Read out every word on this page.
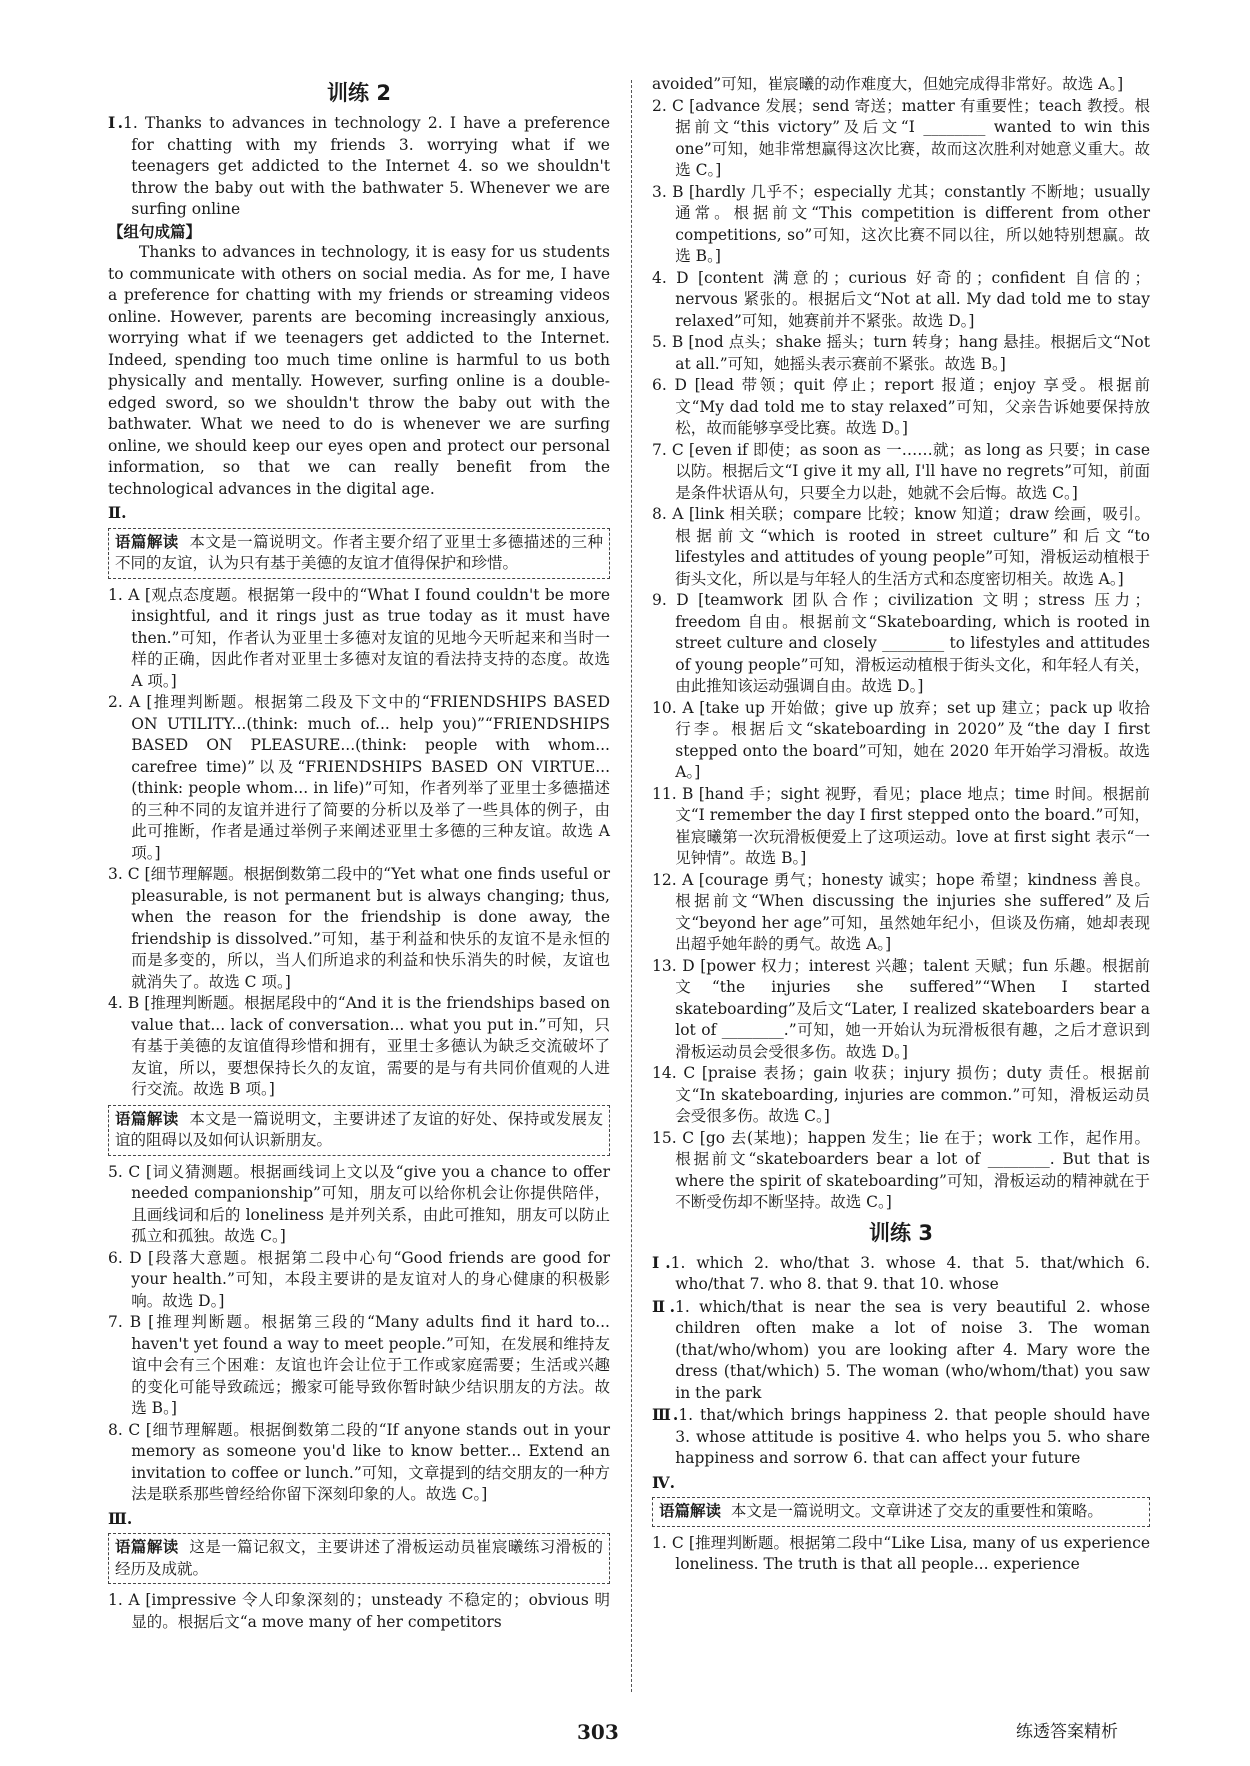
训练 2

Ⅰ.1. Thanks to advances in technology 2. I have a preference for chatting with my friends 3. worrying what if we teenagers get addicted to the Internet 4. so we shouldn't throw the baby out with the bathwater 5. Whenever we are surfing online

【组句成篇】

Thanks to advances in technology, it is easy for us students to communicate with others on social media. As for me, I have a preference for chatting with my friends or streaming videos online. However, parents are becoming increasingly anxious, worrying what if we teenagers get addicted to the Internet. Indeed, spending too much time online is harmful to us both physically and mentally. However, surfing online is a double-edged sword, so we shouldn't throw the baby out with the bathwater. What we need to do is whenever we are surfing online, we should keep our eyes open and protect our personal information, so that we can really benefit from the technological advances in the digital age.

Ⅱ.
语篇解读 本文是一篇说明文。作者主要介绍了亚里士多德描述的三种不同的友谊，认为只有基于美德的友谊才值得保护和珍惜。

1. A [观点态度题。根据第一段中的“What I found couldn't be more insightful, and it rings just as true today as it must have then.”可知，作者认为亚里士多德对友谊的见地今天听起来和当时一样的正确，因此作者对亚里士多德对友谊的看法持支持的态度。故选 A 项。]

2. A [推理判断题。根据第二段及下文中的“FRIENDSHIPS BASED ON UTILITY...(think: much of... help you)”“FRIENDSHIPS BASED ON PLEASURE...(think: people with whom... carefree time)”以及“FRIENDSHIPS BASED ON VIRTUE...(think: people whom... in life)”可知，作者列举了亚里士多德描述的三种不同的友谊并进行了简要的分析以及举了一些具体的例子，由此可推断，作者是通过举例子来阐述亚里士多德的三种友谊。故选 A 项。]

3. C [细节理解题。根据倒数第二段中的“Yet what one finds useful or pleasurable, is not permanent but is always changing; thus, when the reason for the friendship is done away, the friendship is dissolved.”可知，基于利益和快乐的友谊不是永恒的而是多变的，所以，当人们所追求的利益和快乐消失的时候，友谊也就消失了。故选 C 项。]

4. B [推理判断题。根据尾段中的“And it is the friendships based on value that... lack of conversation... what you put in.”可知，只有基于美德的友谊值得珍惜和拥有，亚里士多德认为缺乏交流破坏了友谊，所以，要想保持长久的友谊，需要的是与有共同价值观的人进行交流。故选 B 项。]

语篇解读 本文是一篇说明文，主要讲述了友谊的好处、保持或发展友谊的阻碍以及如何认识新朋友。

5. C [词义猜测题。根据画线词上文以及“give you a chance to offer needed companionship”可知，朋友可以给你机会让你提供陪伴，且画线词和后的 loneliness 是并列关系，由此可推知，朋友可以防止孤立和孤独。故选 C。]

6. D [段落大意题。根据第二段中心句“Good friends are good for your health.”可知，本段主要讲的是友谊对人的身心健康的积极影响。故选 D。]

7. B [推理判断题。根据第三段的“Many adults find it hard to... haven't yet found a way to meet people.”可知，在发展和维持友谊中会有三个困难：友谊也许会让位于工作或家庭需要；生活或兴趣的变化可能导致疏远；搬家可能导致你暂时缺少结识朋友的方法。故选 B。]

8. C [细节理解题。根据倒数第二段的“If anyone stands out in your memory as someone you'd like to know better... Extend an invitation to coffee or lunch.”可知，文章提到的结交朋友的一种方法是联系那些曾经给你留下深刻印象的人。故选 C。]

Ⅲ.
语篇解读 这是一篇记叙文，主要讲述了滑板运动员崔宸曦练习滑板的经历及成就。

1. A [impressive 令人印象深刻的；unsteady 不稳定的；obvious 明显的。根据后文“a move many of her competitors

avoided”可知，崔宸曦的动作难度大，但她完成得非常好。故选 A。]

2. C [advance 发展；send 寄送；matter 有重要性；teach 教授。根据前文“this victory”及后文“I ________ wanted to win this one”可知，她非常想赢得这次比赛，故而这次胜利对她意义重大。故选 C。]

3. B [hardly 几乎不；especially 尤其；constantly 不断地；usually 通常。根据前文“This competition is different from other competitions, so”可知，这次比赛不同以往，所以她特别想赢。故选 B。]

4. D [content 满意的；curious 好奇的；confident 自信的；nervous 紧张的。根据后文“Not at all. My dad told me to stay relaxed”可知，她赛前并不紧张。故选 D。]

5. B [nod 点头；shake 摇头；turn 转身；hang 悬挂。根据后文“Not at all.”可知，她摇头表示赛前不紧张。故选 B。]

6. D [lead 带领；quit 停止；report 报道；enjoy 享受。根据前文“My dad told me to stay relaxed”可知，父亲告诉她要保持放松，故而能够享受比赛。故选 D。]

7. C [even if 即使；as soon as 一……就；as long as 只要；in case 以防。根据后文“I give it my all, I'll have no regrets”可知，前面是条件状语从句，只要全力以赴，她就不会后悔。故选 C。]

8. A [link 相关联；compare 比较；know 知道；draw 绘画，吸引。根据前文“which is rooted in street culture”和后文“to lifestyles and attitudes of young people”可知，滑板运动植根于街头文化，所以是与年轻人的生活方式和态度密切相关。故选 A。]

9. D [teamwork 团队合作；civilization 文明；stress 压力；freedom 自由。根据前文“Skateboarding, which is rooted in street culture and closely ________ to lifestyles and attitudes of young people”可知，滑板运动植根于街头文化，和年轻人有关，由此推知该运动强调自由。故选 D。]

10. A [take up 开始做；give up 放弃；set up 建立；pack up 收拾行李。根据后文“skateboarding in 2020”及“the day I first stepped onto the board”可知，她在 2020 年开始学习滑板。故选 A。]

11. B [hand 手；sight 视野，看见；place 地点；time 时间。根据前文“I remember the day I first stepped onto the board.”可知，崔宸曦第一次玩滑板便爱上了这项运动。love at first sight 表示“一见钟情”。故选 B。]

12. A [courage 勇气；honesty 诚实；hope 希望；kindness 善良。根据前文“When discussing the injuries she suffered”及后文“beyond her age”可知，虽然她年纪小，但谈及伤痛，她却表现出超乎她年龄的勇气。故选 A。]

13. D [power 权力；interest 兴趣；talent 天赋；fun 乐趣。根据前文“the injuries she suffered”“When I started skateboarding”及后文“Later, I realized skateboarders bear a lot of ________.”可知，她一开始认为玩滑板很有趣，之后才意识到滑板运动员会受很多伤。故选 D。]

14. C [praise 表扬；gain 收获；injury 损伤；duty 责任。根据前文“In skateboarding, injuries are common.”可知，滑板运动员会受很多伤。故选 C。]

15. C [go 去(某地)；happen 发生；lie 在于；work 工作，起作用。根据前文“skateboarders bear a lot of ________. But that is where the spirit of skateboarding”可知，滑板运动的精神就在于不断受伤却不断坚持。故选 C。]

训练 3

Ⅰ.1. which 2. who/that 3. whose 4. that 5. that/which 6. who/that 7. who 8. that 9. that 10. whose

Ⅱ.1. which/that is near the sea is very beautiful 2. whose children often make a lot of noise 3. The woman (that/who/whom) you are looking after 4. Mary wore the dress (that/which) 5. The woman (who/whom/that) you saw in the park

Ⅲ.1. that/which brings happiness 2. that people should have 3. whose attitude is positive 4. who helps you 5. who share happiness and sorrow 6. that can affect your future

Ⅳ.
语篇解读 本文是一篇说明文。文章讲述了交友的重要性和策略。

1. C [推理判断题。根据第二段中“Like Lisa, many of us experience loneliness. The truth is that all people... experience

303	练透答案精析
